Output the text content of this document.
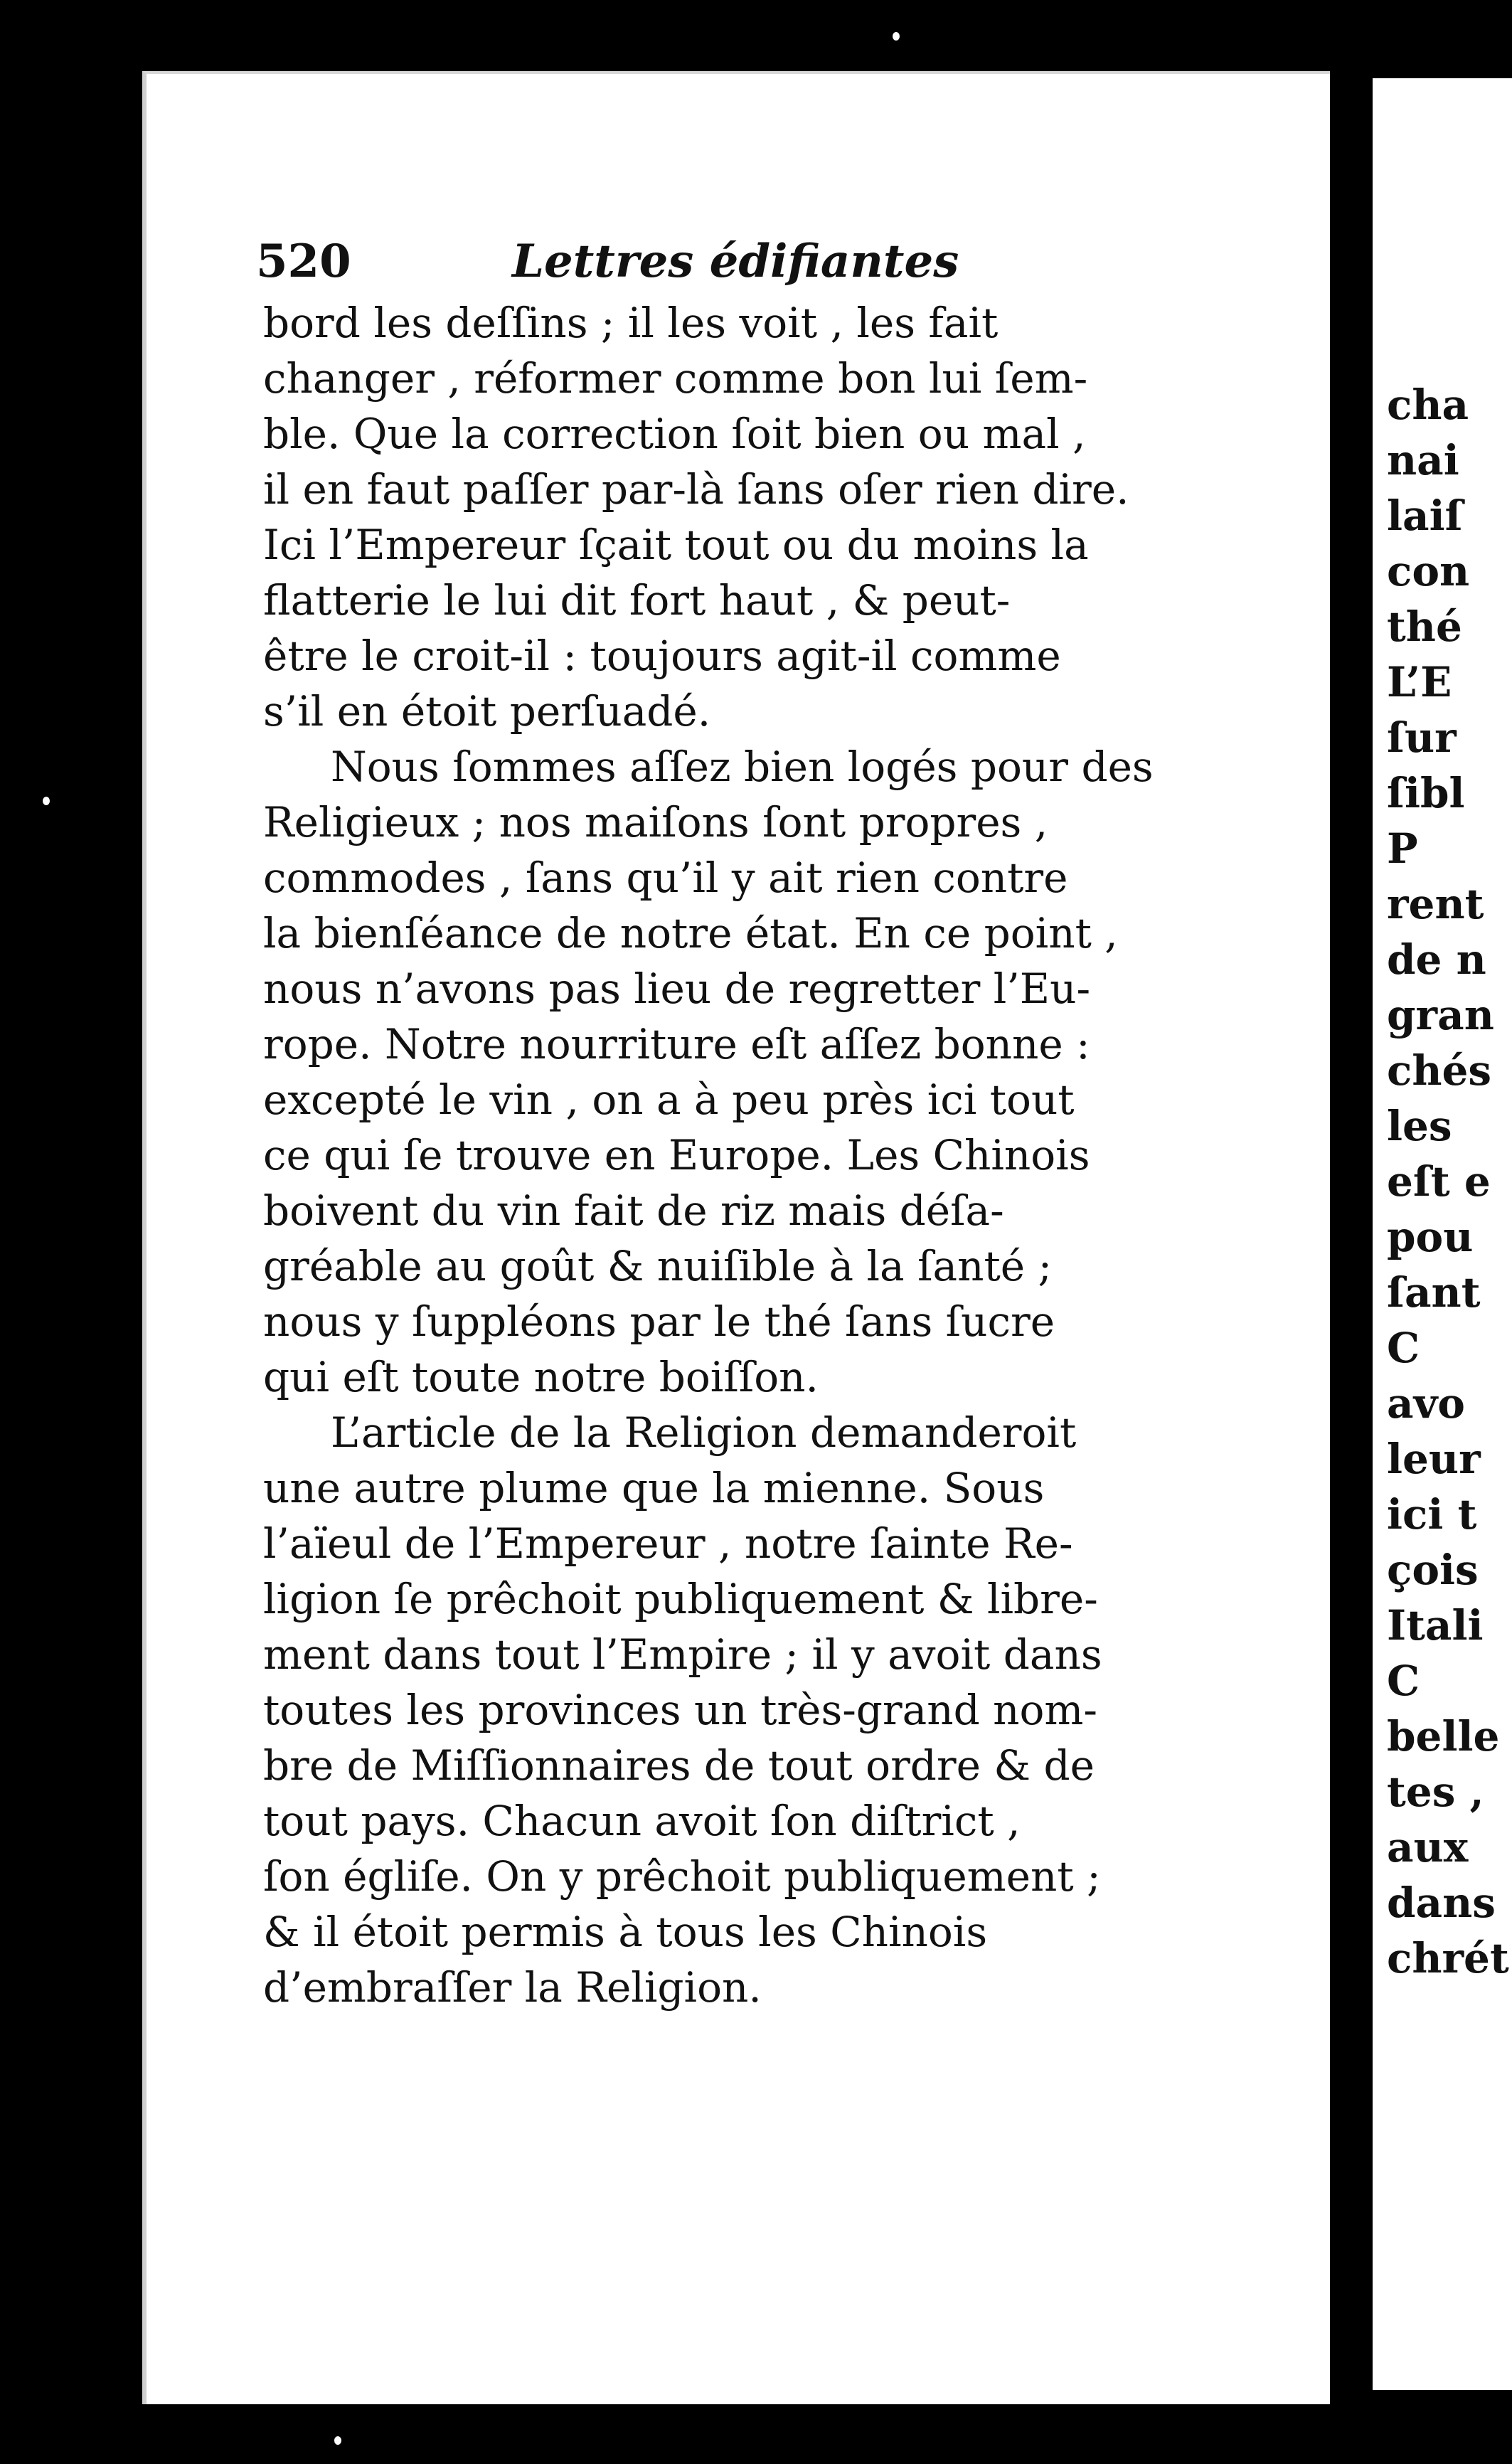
520	Lettres édifiantes
bord les deſſins ; il les voit , les fait
changer , réformer comme bon lui ſem-
ble. Que la correction ſoit bien ou mal ,
il en faut paſſer par-là ſans oſer rien dire.
Ici l’Empereur ſçait tout ou du moins la
flatterie le lui dit fort haut , & peut-
être le croit-il : toujours agit-il comme
s’il en étoit perſuadé.
Nous ſommes aſſez bien logés pour des
Religieux ; nos maiſons ſont propres ,
commodes , ſans qu’il y ait rien contre
la bienſéance de notre état. En ce point ,
nous n’avons pas lieu de regretter l’Eu-
rope. Notre nourriture eſt aſſez bonne :
excepté le vin , on a à peu près ici tout
ce qui ſe trouve en Europe. Les Chinois
boivent du vin fait de riz mais déſa-
gréable au goût & nuiſible à la ſanté ;
nous y ſuppléons par le thé ſans ſucre
qui eſt toute notre boiſſon.
L’article de la Religion demanderoit
une autre plume que la mienne. Sous
l’aïeul de l’Empereur , notre ſainte Re-
ligion ſe prêchoit publiquement & libre-
ment dans tout l’Empire ; il y avoit dans
toutes les provinces un très-grand nom-
bre de Miſſionnaires de tout ordre & de
tout pays. Chacun avoit ſon diſtrict ,
ſon égliſe. On y prêchoit publiquement ;
& il étoit permis à tous les Chinois
d’embraſſer la Religion.
cha
nai
laiſ
con
thé
L’E
ſur
ſibl
P
rent
de n
gran
chés
les
eſt e
pou
ſant
C
avo
leur
ici t
çois
Itali
C
belle
tes ,
aux
dans
chrét
